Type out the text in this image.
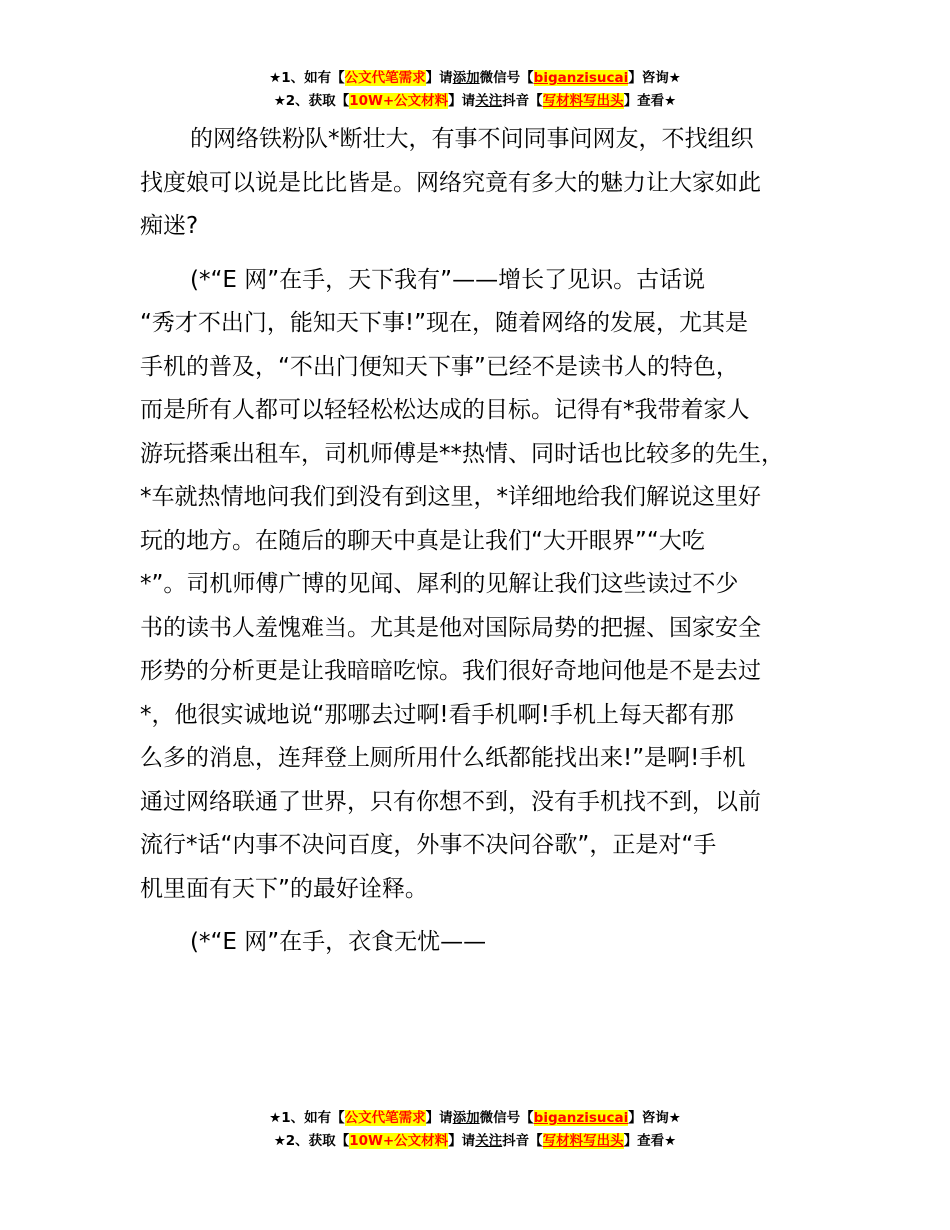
★1、如有【公文代笔需求】请添加微信号【biganzisucai】咨询★
★2、获取【10W+公文材料】请关注抖音【写材料写出头】查看★

的网络铁粉队*断壮大，有事不问同事问网友，不找组织

找度娘可以说是比比皆是。网络究竟有多大的魅力让大家如此

痴迷?

(*“E 网”在手，天下我有”——增长了见识。古话说

“秀才不出门，能知天下事!”现在，随着网络的发展，尤其是

手机的普及，“不出门便知天下事”已经不是读书人的特色，

而是所有人都可以轻轻松松达成的目标。记得有*我带着家人

游玩搭乘出租车，司机师傅是**热情、同时话也比较多的先生，

*车就热情地问我们到没有到这里，*详细地给我们解说这里好

玩的地方。在随后的聊天中真是让我们“大开眼界”“大吃

*”。司机师傅广博的见闻、犀利的见解让我们这些读过不少

书的读书人羞愧难当。尤其是他对国际局势的把握、国家安全

形势的分析更是让我暗暗吃惊。我们很好奇地问他是不是去过

*，他很实诚地说“那哪去过啊!看手机啊!手机上每天都有那

么多的消息，连拜登上厕所用什么纸都能找出来!”是啊!手机

通过网络联通了世界，只有你想不到，没有手机找不到，以前

流行*话“内事不决问百度，外事不决问谷歌”，正是对“手

机里面有天下”的最好诠释。

(*“E 网”在手，衣食无忧——

★1、如有【公文代笔需求】请添加微信号【biganzisucai】咨询★
★2、获取【10W+公文材料】请关注抖音【写材料写出头】查看★
